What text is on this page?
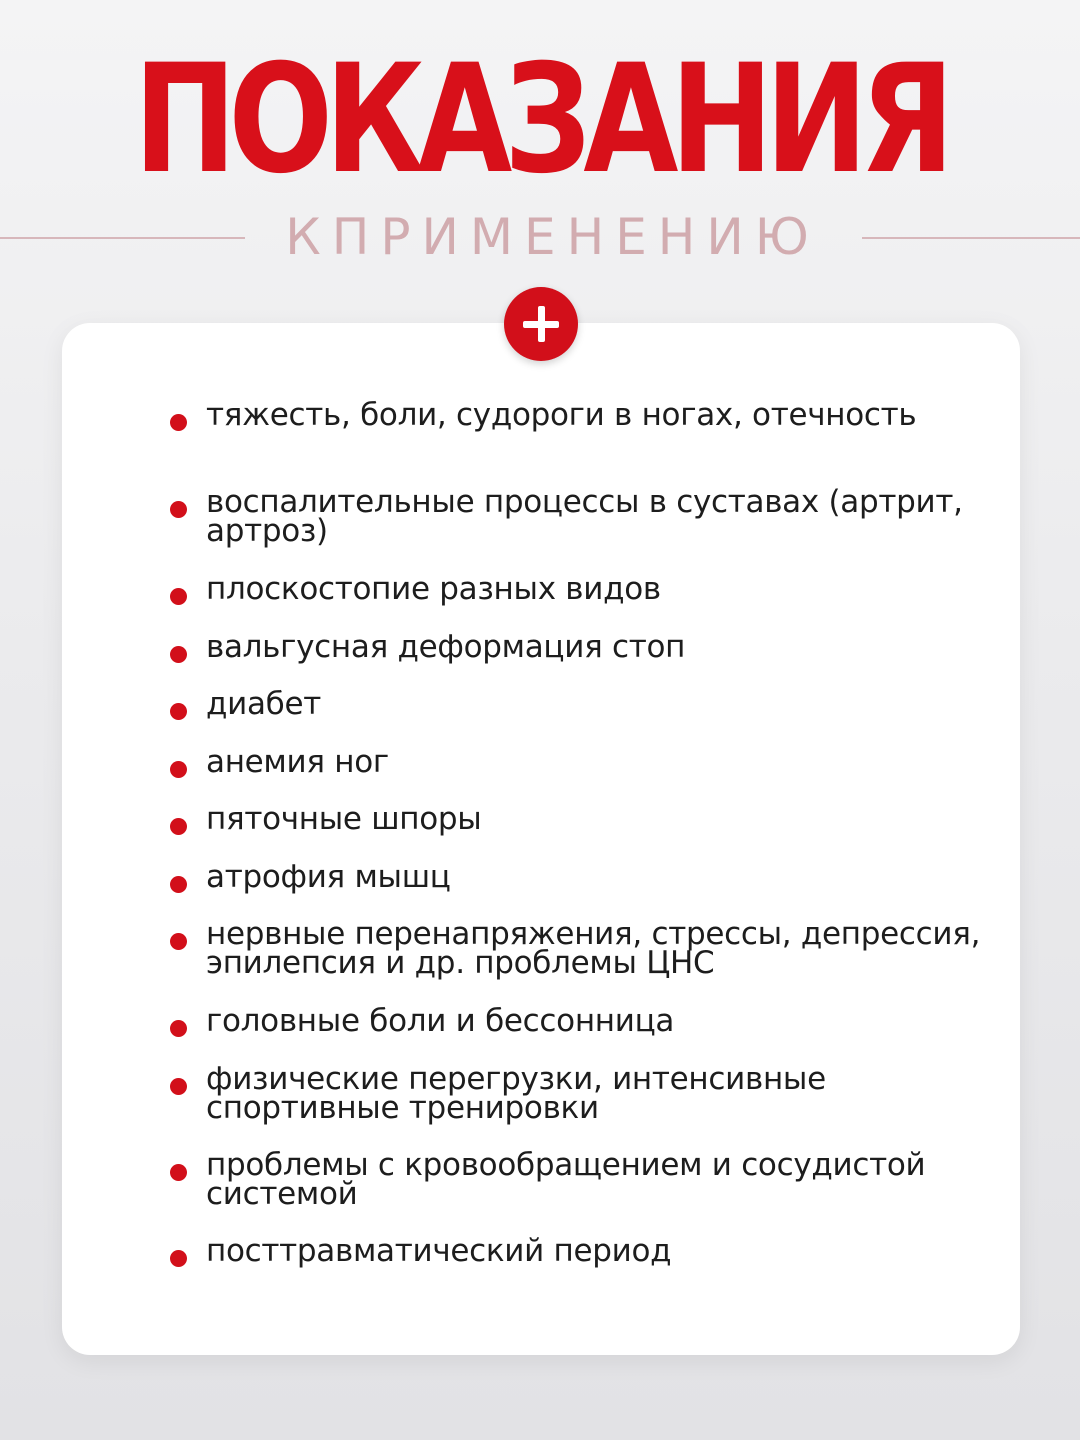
ПОКАЗАНИЯ
КПРИМЕНЕНИЮ
тяжесть, боли, судороги в ногах, отечность
воспалительные процессы в суставах (артрит, артроз)
плоскостопие разных видов
вальгусная деформация стоп
диабет
анемия ног
пяточные шпоры
атрофия мышц
нервные перенапряжения, стрессы, депрессия, эпилепсия и др. проблемы ЦНС
головные боли и бессонница
физические перегрузки, интенсивные спортивные тренировки
проблемы с кровообращением и сосудистой системой
посттравматический период
